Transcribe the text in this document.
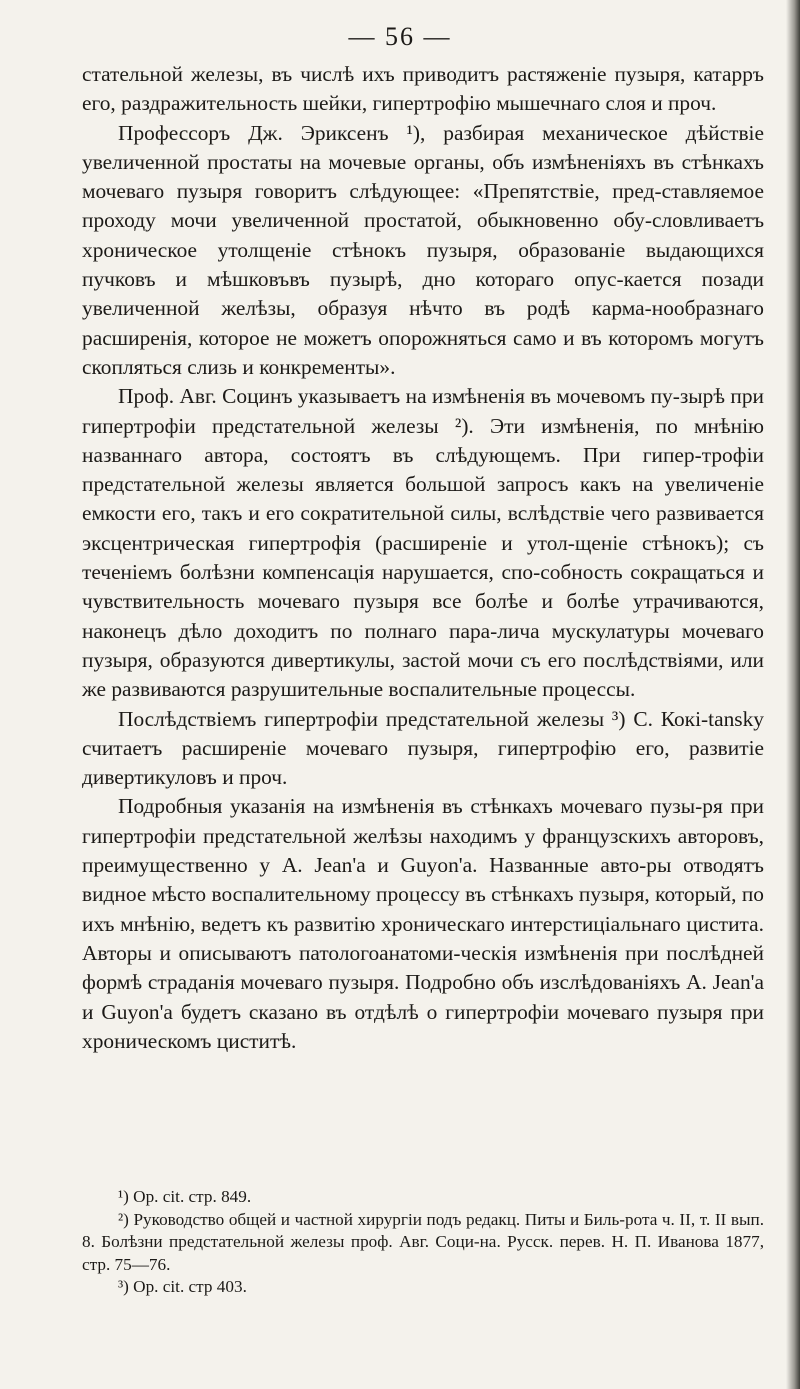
— 56 —

стательной железы, въ числѣ ихъ приводитъ растяженіе пузыря, катарръ его, раздражительность шейки, гипертрофію мышечнаго слоя и проч.

Профессоръ Дж. Эриксенъ ¹), разбирая механическое дѣйствіе увеличенной простаты на мочевые органы, объ измѣненіяхъ въ стѣнкахъ мочеваго пузыря говоритъ слѣдующее: «Препятствіе, пред-ставляемое проходу мочи увеличенной простатой, обыкновенно обу-словливаетъ хроническое утолщеніе стѣнокъ пузыря, образованіе выдающихся пучковъ и мѣшковъвъ пузырѣ, дно котораго опус-кается позади увеличенной желѣзы, образуя нѣчто въ родѣ карма-нообразнаго расширенія, которое не можетъ опорожняться само и въ которомъ могутъ скопляться слизь и конкременты».

Проф. Авг. Социнъ указываетъ на измѣненія въ мочевомъ пу-зырѣ при гипертрофіи предстательной железы ²). Эти измѣненія, по мнѣнію названнаго автора, состоятъ въ слѣдующемъ. При гипер-трофіи предстательной железы является большой запросъ какъ на увеличеніе емкости его, такъ и его сократительной силы, вслѣдствіе чего развивается эксцентрическая гипертрофія (расширеніе и утол-щеніе стѣнокъ); съ теченіемъ болѣзни компенсація нарушается, спо-собность сокращаться и чувствительность мочеваго пузыря все болѣе и болѣе утрачиваются, наконецъ дѣло доходитъ по полнаго пара-лича мускулатуры мочеваго пузыря, образуются дивертикулы, застой мочи съ его послѣдствіями, или же развиваются разрушительные воспалительные процессы.

Послѣдствіемъ гипертрофіи предстательной железы ³) С. Кокі-tanskу считаетъ расширеніе мочеваго пузыря, гипертрофію его, развитіе дивертикуловъ и проч.

Подробныя указанія на измѣненія въ стѣнкахъ мочеваго пузы-ря при гипертрофіи предстательной желѣзы находимъ у французскихъ авторовъ, преимущественно у A. Jean'а и Guyon'а. Названные авто-ры отводятъ видное мѣсто воспалительному процессу въ стѣнкахъ пузыря, который, по ихъ мнѣнію, ведетъ къ развитію хроническаго интерстиціальнаго цистита. Авторы и описываютъ патологоанатоми-ческія измѣненія при послѣдней формѣ страданія мочеваго пузыря. Подробно объ изслѣдованіяхъ A. Jean'а и Guyon'а будетъ сказано въ отдѣлѣ о гипертрофіи мочеваго пузыря при хроническомъ циститѣ.

¹) Op. cit. стр. 849.

²) Руководство общей и частной хирургіи подъ редакц. Питы и Биль-рота ч. II, т. II вып. 8. Болѣзни предстательной железы проф. Авг. Соци-на. Русск. перев. Н. П. Иванова 1877, стр. 75—76.

³) Op. cit. стр 403.
